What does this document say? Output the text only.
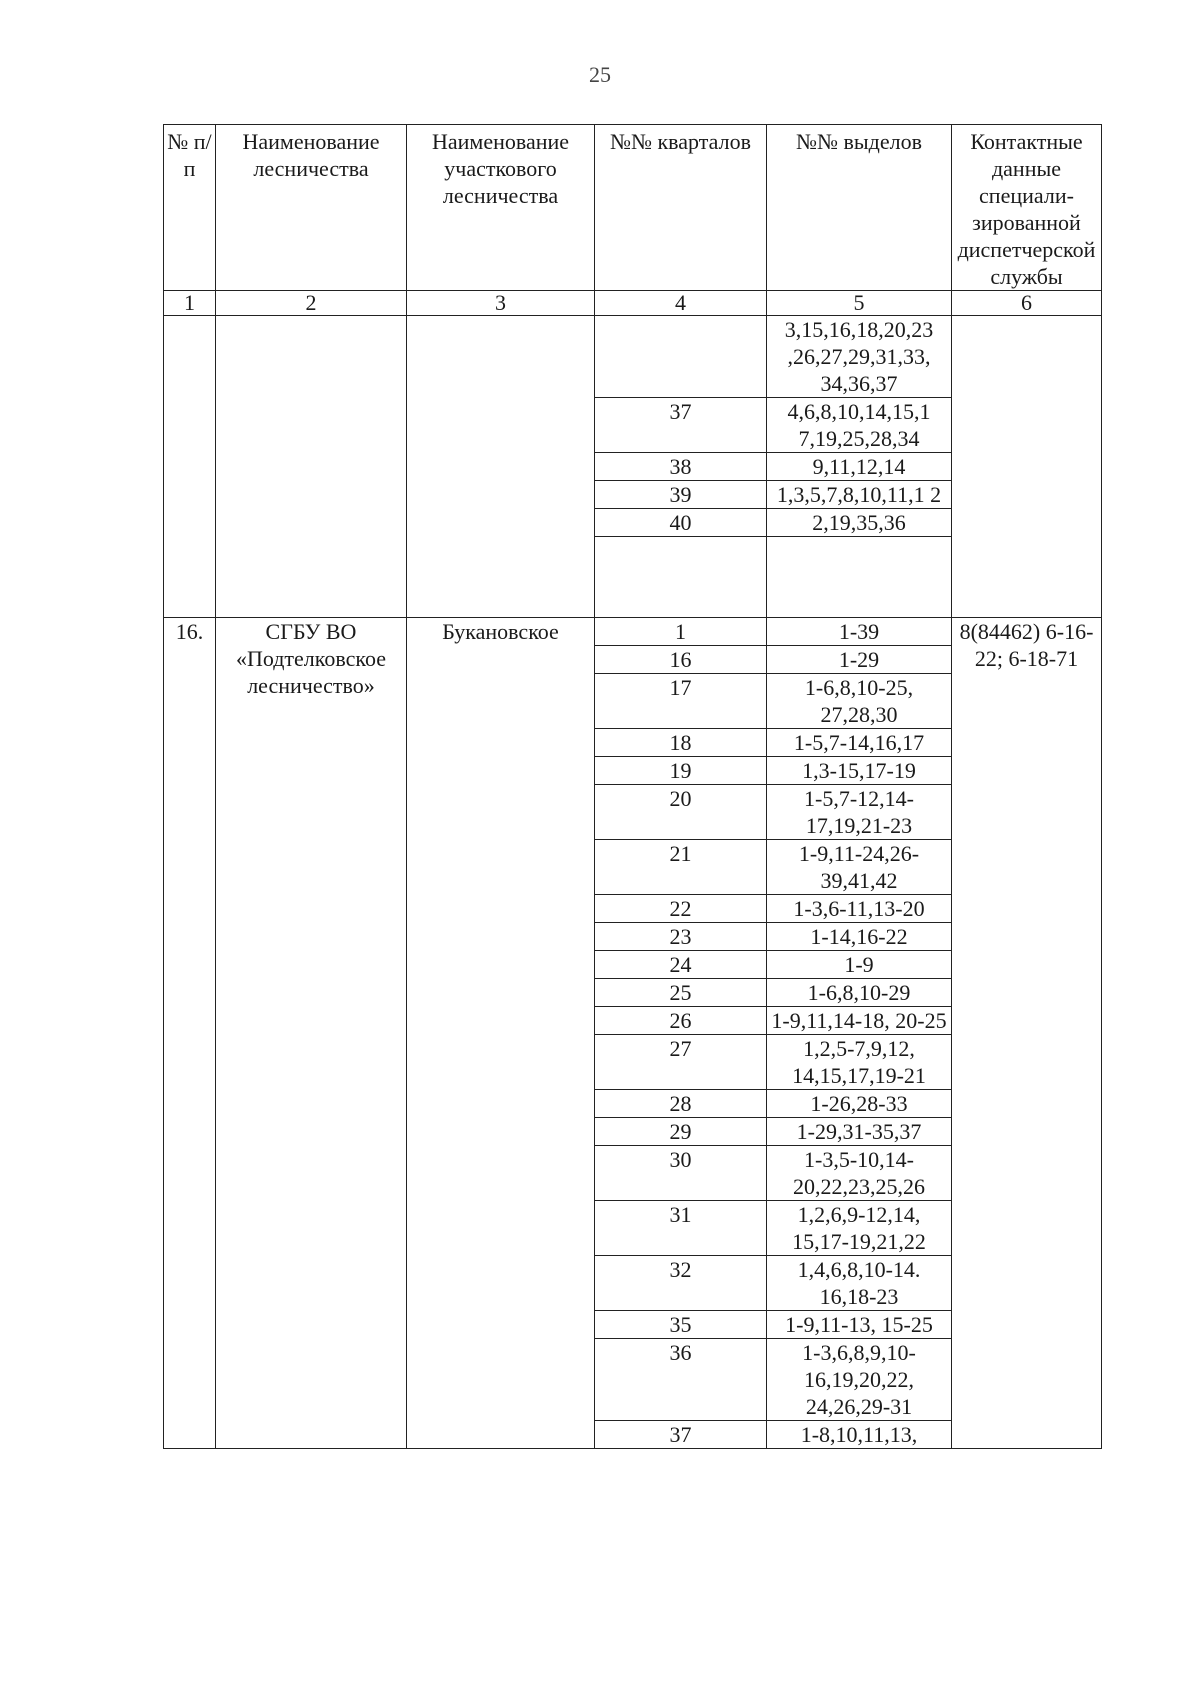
25
№ п/п	Наименование лесничества	Наименование участкового лесничества	№№ кварталов	№№ выделов	Контактные данные специали-зированной диспетчерской службы
1	2	3	4	5	6
				3,15,16,18,20,23 ,26,27,29,31,33, 34,36,37	
			37	4,6,8,10,14,15,1 7,19,25,28,34	
			38	9,11,12,14	
			39	1,3,5,7,8,10,11,1 2	
			40	2,19,35,36	

16.	СГБУ ВО «Подтелковское лесничество»	Букановское	1	1-39	8(84462) 6-16-22; 6-18-71
			16	1-29	
			17	1-6,8,10-25, 27,28,30	
			18	1-5,7-14,16,17	
			19	1,3-15,17-19	
			20	1-5,7-12,14- 17,19,21-23	
			21	1-9,11-24,26- 39,41,42	
			22	1-3,6-11,13-20	
			23	1-14,16-22	
			24	1-9	
			25	1-6,8,10-29	
			26	1-9,11,14-18, 20-25	
			27	1,2,5-7,9,12, 14,15,17,19-21	
			28	1-26,28-33	
			29	1-29,31-35,37	
			30	1-3,5-10,14- 20,22,23,25,26	
			31	1,2,6,9-12,14, 15,17-19,21,22	
			32	1,4,6,8,10-14. 16,18-23	
			35	1-9,11-13, 15-25	
			36	1-3,6,8,9,10- 16,19,20,22, 24,26,29-31	
			37	1-8,10,11,13,	
